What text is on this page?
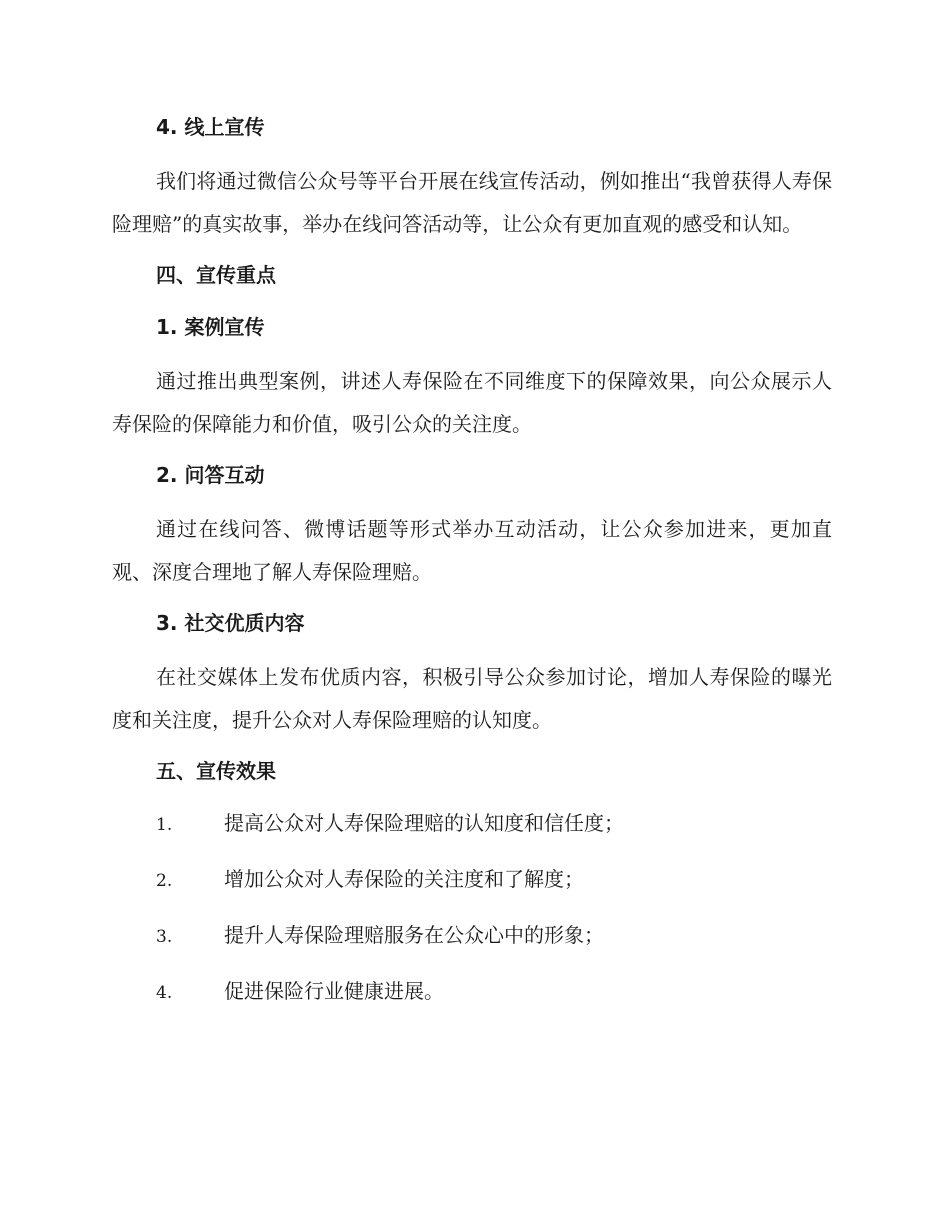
4. 线上宣传

我们将通过微信公众号等平台开展在线宣传活动，例如推出“我曾获得人寿保险理赔”的真实故事，举办在线问答活动等，让公众有更加直观的感受和认知。

四、宣传重点
1. 案例宣传

通过推出典型案例，讲述人寿保险在不同维度下的保障效果，向公众展示人寿保险的保障能力和价值，吸引公众的关注度。

2. 问答互动

通过在线问答、微博话题等形式举办互动活动，让公众参加进来，更加直观、深度合理地了解人寿保险理赔。

3. 社交优质内容

在社交媒体上发布优质内容，积极引导公众参加讨论，增加人寿保险的曝光度和关注度，提升公众对人寿保险理赔的认知度。

五、宣传效果
1.	提高公众对人寿保险理赔的认知度和信任度；
2.	增加公众对人寿保险的关注度和了解度；
3.	提升人寿保险理赔服务在公众心中的形象；
4.	促进保险行业健康进展。
